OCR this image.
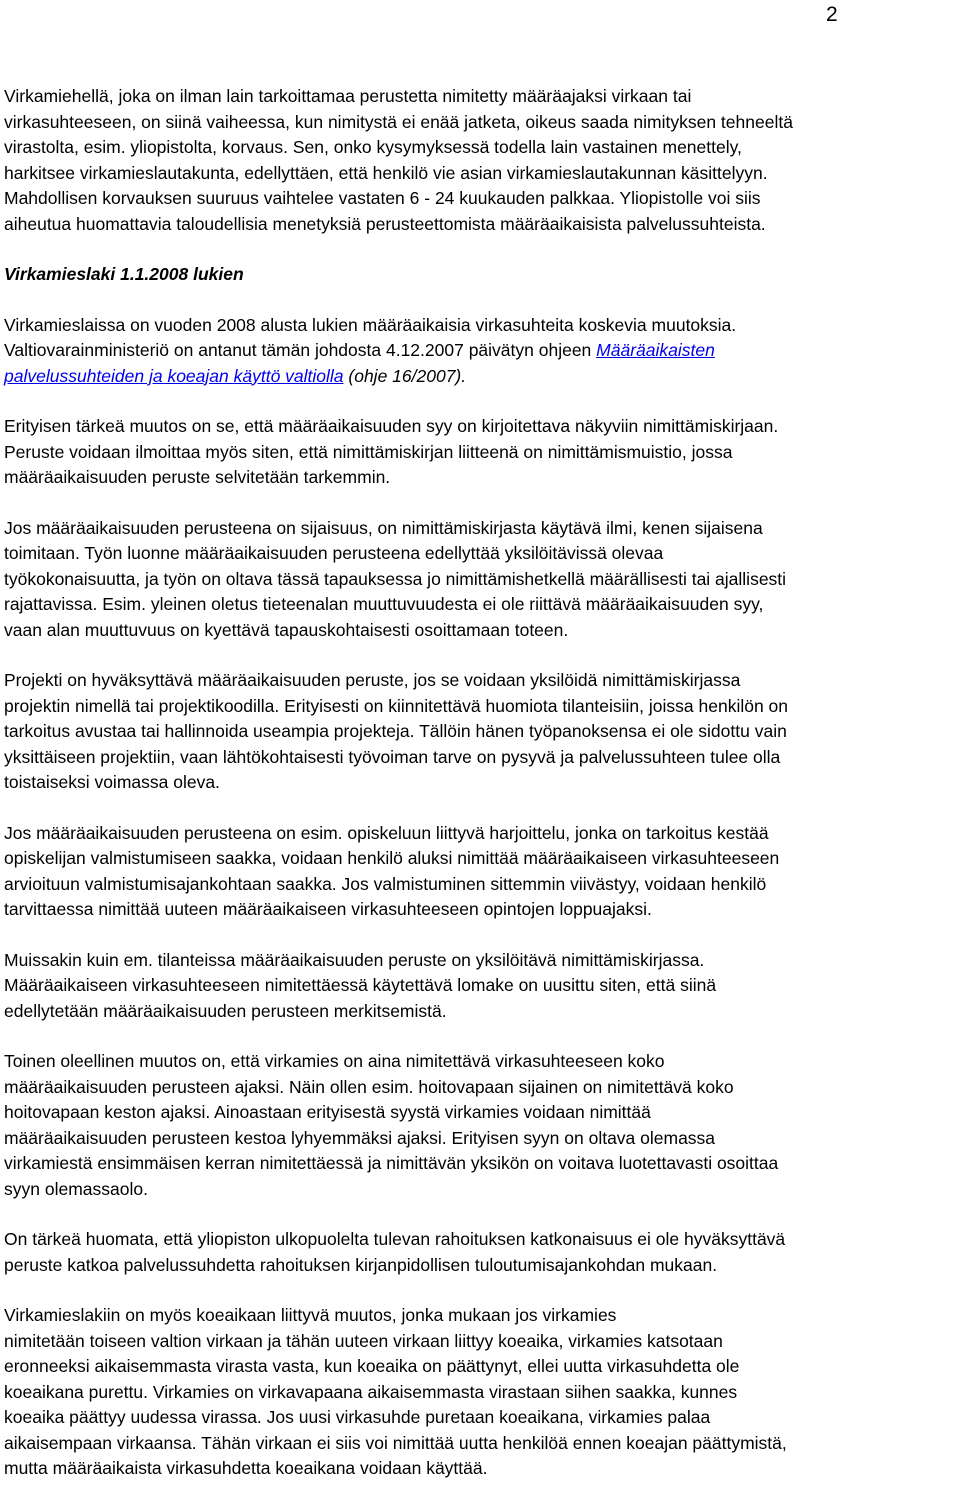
2
Virkamiehellä, joka on ilman lain tarkoittamaa perustetta nimitetty määräajaksi virkaan tai
virkasuhteeseen, on siinä vaiheessa, kun nimitystä ei enää jatketa, oikeus saada nimityksen tehneeltä
virastolta, esim. yliopistolta, korvaus. Sen, onko kysymyksessä todella lain vastainen menettely,
harkitsee virkamieslautakunta, edellyttäen, että henkilö vie asian virkamieslautakunnan käsittelyyn.
Mahdollisen korvauksen suuruus vaihtelee vastaten 6 - 24 kuukauden palkkaa. Yliopistolle voi siis
aiheutua huomattavia taloudellisia menetyksiä perusteettomista määräaikaisista palvelussuhteista.
Virkamieslaki 1.1.2008 lukien
Virkamieslaissa on vuoden 2008 alusta lukien määräaikaisia virkasuhteita koskevia muutoksia.
Valtiovarainministeriö on antanut tämän johdosta 4.12.2007 päivätyn ohjeen Määräaikaisten
palvelussuhteiden ja koeajan käyttö valtiolla (ohje 16/2007).
Erityisen tärkeä muutos on se, että määräaikaisuuden syy on kirjoitettava näkyviin nimittämiskirjaan.
Peruste voidaan ilmoittaa myös siten, että nimittämiskirjan liitteenä on nimittämismuistio, jossa
määräaikaisuuden peruste selvitetään tarkemmin.
Jos määräaikaisuuden perusteena on sijaisuus, on nimittämiskirjasta käytävä ilmi, kenen sijaisena
toimitaan. Työn luonne määräaikaisuuden perusteena edellyttää yksilöitävissä olevaa
työkokonaisuutta, ja työn on oltava tässä tapauksessa jo nimittämishetkellä määrällisesti tai ajallisesti
rajattavissa. Esim. yleinen oletus tieteenalan muuttuvuudesta ei ole riittävä määräaikaisuuden syy,
vaan alan muuttuvuus on kyettävä tapauskohtaisesti osoittamaan toteen.
Projekti on hyväksyttävä määräaikaisuuden peruste, jos se voidaan yksilöidä nimittämiskirjassa
projektin nimellä tai projektikoodilla. Erityisesti on kiinnitettävä huomiota tilanteisiin, joissa henkilön on
tarkoitus avustaa tai hallinnoida useampia projekteja. Tällöin hänen työpanoksensa ei ole sidottu vain
yksittäiseen projektiin, vaan lähtökohtaisesti työvoiman tarve on pysyvä ja palvelussuhteen tulee olla
toistaiseksi voimassa oleva.
Jos määräaikaisuuden perusteena on esim. opiskeluun liittyvä harjoittelu, jonka on tarkoitus kestää
opiskelijan valmistumiseen saakka, voidaan henkilö aluksi nimittää määräaikaiseen virkasuhteeseen
arvioituun valmistumisajankohtaan saakka. Jos valmistuminen sittemmin viivästyy, voidaan henkilö
tarvittaessa nimittää uuteen määräaikaiseen virkasuhteeseen opintojen loppuajaksi.
Muissakin kuin em. tilanteissa määräaikaisuuden peruste on yksilöitävä nimittämiskirjassa.
Määräaikaiseen virkasuhteeseen nimitettäessä käytettävä lomake on uusittu siten, että siinä
edellytetään määräaikaisuuden perusteen merkitsemistä.
Toinen oleellinen muutos on, että virkamies on aina nimitettävä virkasuhteeseen koko
määräaikaisuuden perusteen ajaksi. Näin ollen esim. hoitovapaan sijainen on nimitettävä koko
hoitovapaan keston ajaksi. Ainoastaan erityisestä syystä virkamies voidaan nimittää
määräaikaisuuden perusteen kestoa lyhyemmäksi ajaksi. Erityisen syyn on oltava olemassa
virkamiestä ensimmäisen kerran nimitettäessä ja nimittävän yksikön on voitava luotettavasti osoittaa
syyn olemassaolo.
On tärkeä huomata, että yliopiston ulkopuolelta tulevan rahoituksen katkonaisuus ei ole hyväksyttävä
peruste katkoa palvelussuhdetta rahoituksen kirjanpidollisen tuloutumisajankohdan mukaan.
Virkamieslakiin on myös koeaikaan liittyvä muutos, jonka mukaan jos virkamies
nimitetään toiseen valtion virkaan ja tähän uuteen virkaan liittyy koeaika, virkamies katsotaan
eronneeksi aikaisemmasta virasta vasta, kun koeaika on päättynyt, ellei uutta virkasuhdetta ole
koeaikana purettu. Virkamies on virkavapaana aikaisemmasta virastaan siihen saakka, kunnes
koeaika päättyy uudessa virassa. Jos uusi virkasuhde puretaan koeaikana, virkamies palaa
aikaisempaan virkaansa. Tähän virkaan ei siis voi nimittää uutta henkilöä ennen koeajan päättymistä,
mutta määräaikaista virkasuhdetta koeaikana voidaan käyttää.
